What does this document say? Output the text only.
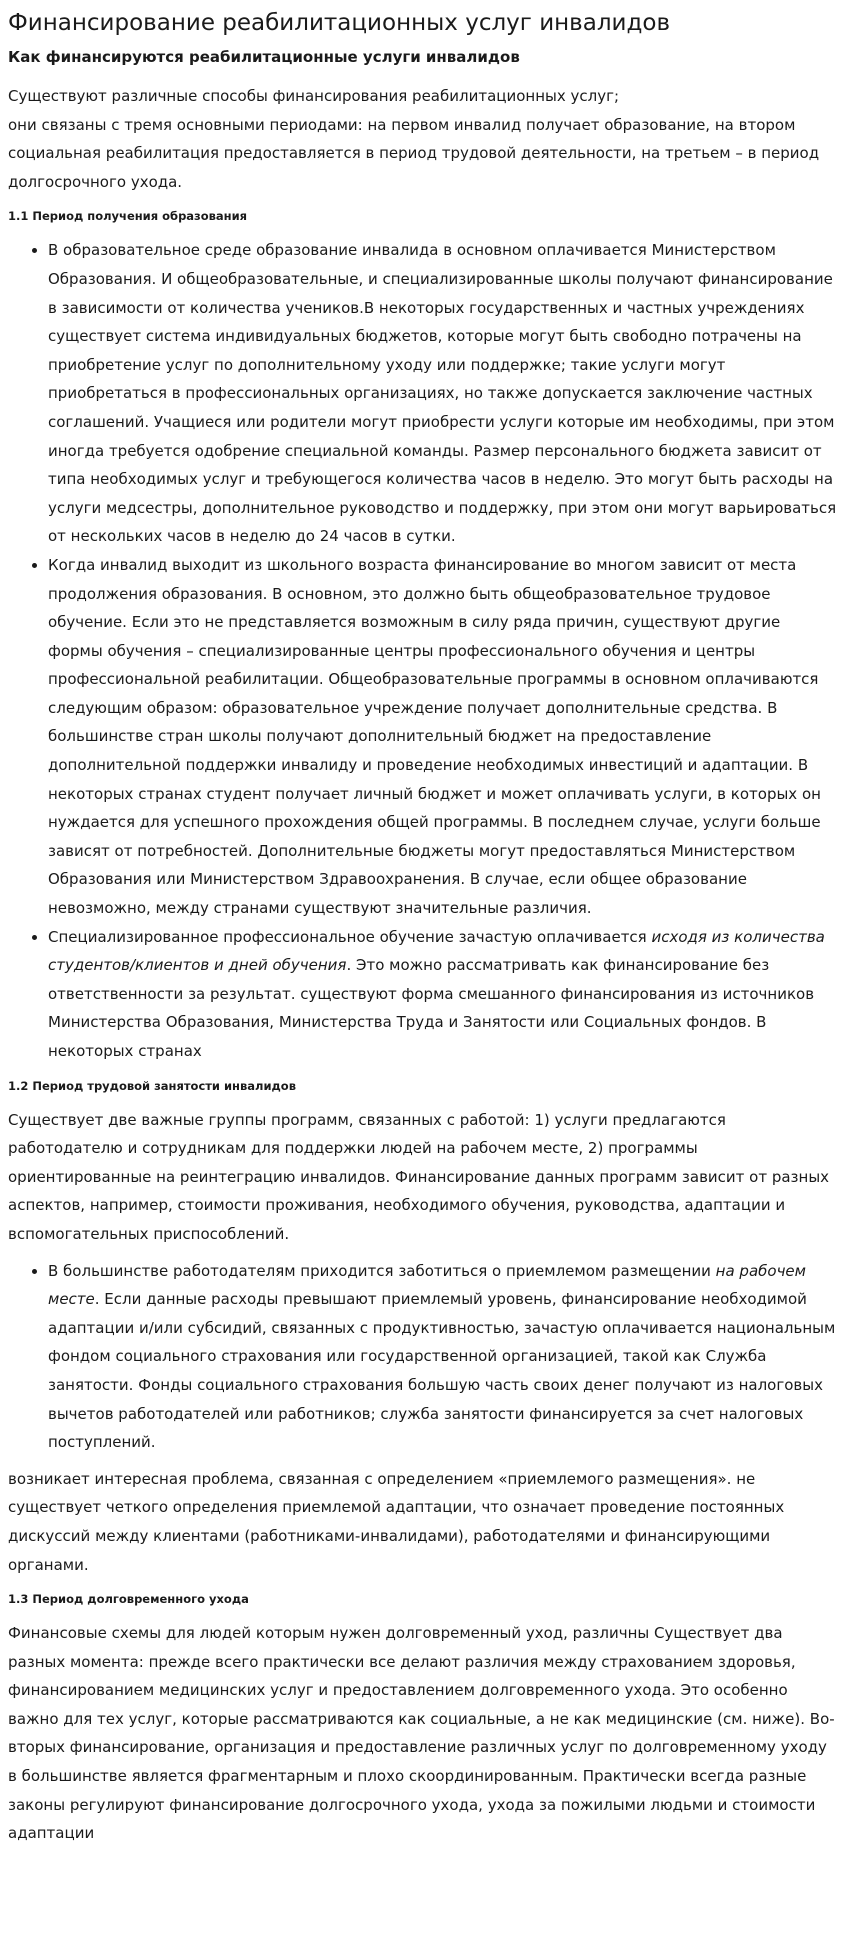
Финансирование реабилитационных услуг инвалидов
Как финансируются реабилитационные услуги инвалидов

Существуют различные способы финансирования реабилитационных услуг;
они связаны с тремя основными периодами: на первом инвалид получает образование, на втором социальная реабилитация предоставляется в период трудовой деятельности, на третьем – в период долгосрочного ухода.

1.1 Период получения образования
• В образовательное среде образование инвалида в основном оплачивается Министерством Образования. И общеобразовательные, и специализированные школы получают финансирование в зависимости от количества учеников.В некоторых государственных и частных учреждениях существует система индивидуальных бюджетов, которые могут быть свободно потрачены на приобретение услуг по дополнительному уходу или поддержке; такие услуги могут приобретаться в профессиональных организациях, но также допускается заключение частных соглашений. Учащиеся или родители могут приобрести услуги которые им необходимы, при этом иногда требуется одобрение специальной команды. Размер персонального бюджета зависит от типа необходимых услуг и требующегося количества часов в неделю. Это могут быть расходы на услуги медсестры, дополнительное руководство и поддержку, при этом они могут варьироваться от нескольких часов в неделю до 24 часов в сутки.
• Когда инвалид выходит из школьного возраста финансирование во многом зависит от места продолжения образования. В основном, это должно быть общеобразовательное трудовое обучение. Если это не представляется возможным в силу ряда причин, существуют другие формы обучения – специализированные центры профессионального обучения и центры профессиональной реабилитации. Общеобразовательные программы в основном оплачиваются следующим образом: образовательное учреждение получает дополнительные средства. В большинстве стран школы получают дополнительный бюджет на предоставление дополнительной поддержки инвалиду и проведение необходимых инвестиций и адаптации. В некоторых странах студент получает личный бюджет и может оплачивать услуги, в которых он нуждается для успешного прохождения общей программы. В последнем случае, услуги больше зависят от потребностей. Дополнительные бюджеты могут предоставляться Министерством Образования или Министерством Здравоохранения. В случае, если общее образование невозможно, между странами существуют значительные различия.
• Специализированное профессиональное обучение зачастую оплачивается исходя из количества студентов/клиентов и дней обучения. Это можно рассматривать как финансирование без ответственности за результат. существуют форма смешанного финансирования из источников Министерства Образования, Министерства Труда и Занятости или Социальных фондов. В некоторых странах
1.2 Период трудовой занятости инвалидов

Существует две важные группы программ, связанных с работой: 1) услуги предлагаются работодателю и сотрудникам для поддержки людей на рабочем месте, 2) программы ориентированные на реинтеграцию инвалидов. Финансирование данных программ зависит от разных аспектов, например, стоимости проживания, необходимого обучения, руководства, адаптации и вспомогательных приспособлений.

• В большинстве работодателям приходится заботиться о приемлемом размещении на рабочем месте. Если данные расходы превышают приемлемый уровень, финансирование необходимой адаптации и/или субсидий, связанных с продуктивностью, зачастую оплачивается национальным фондом социального страхования или государственной организацией, такой как Служба занятости. Фонды социального страхования большую часть своих денег получают из налоговых вычетов работодателей или работников; служба занятости финансируется за счет налоговых поступлений.

возникает интересная проблема, связанная с определением «приемлемого размещения». не существует четкого определения приемлемой адаптации, что означает проведение постоянных дискуссий между клиентами (работниками-инвалидами), работодателями и финансирующими органами.

1.3 Период долговременного ухода

Финансовые схемы для людей которым нужен долговременный уход, различны Существует два разных момента: прежде всего практически все делают различия между страхованием здоровья, финансированием медицинских услуг и предоставлением долговременного ухода. Это особенно важно для тех услуг, которые рассматриваются как социальные, а не как медицинские (см. ниже). Во-вторых финансирование, организация и предоставление различных услуг по долговременному уходу в большинстве является фрагментарным и плохо скоординированным. Практически всегда разные законы регулируют финансирование долгосрочного ухода, ухода за пожилыми людьми и стоимости адаптации
